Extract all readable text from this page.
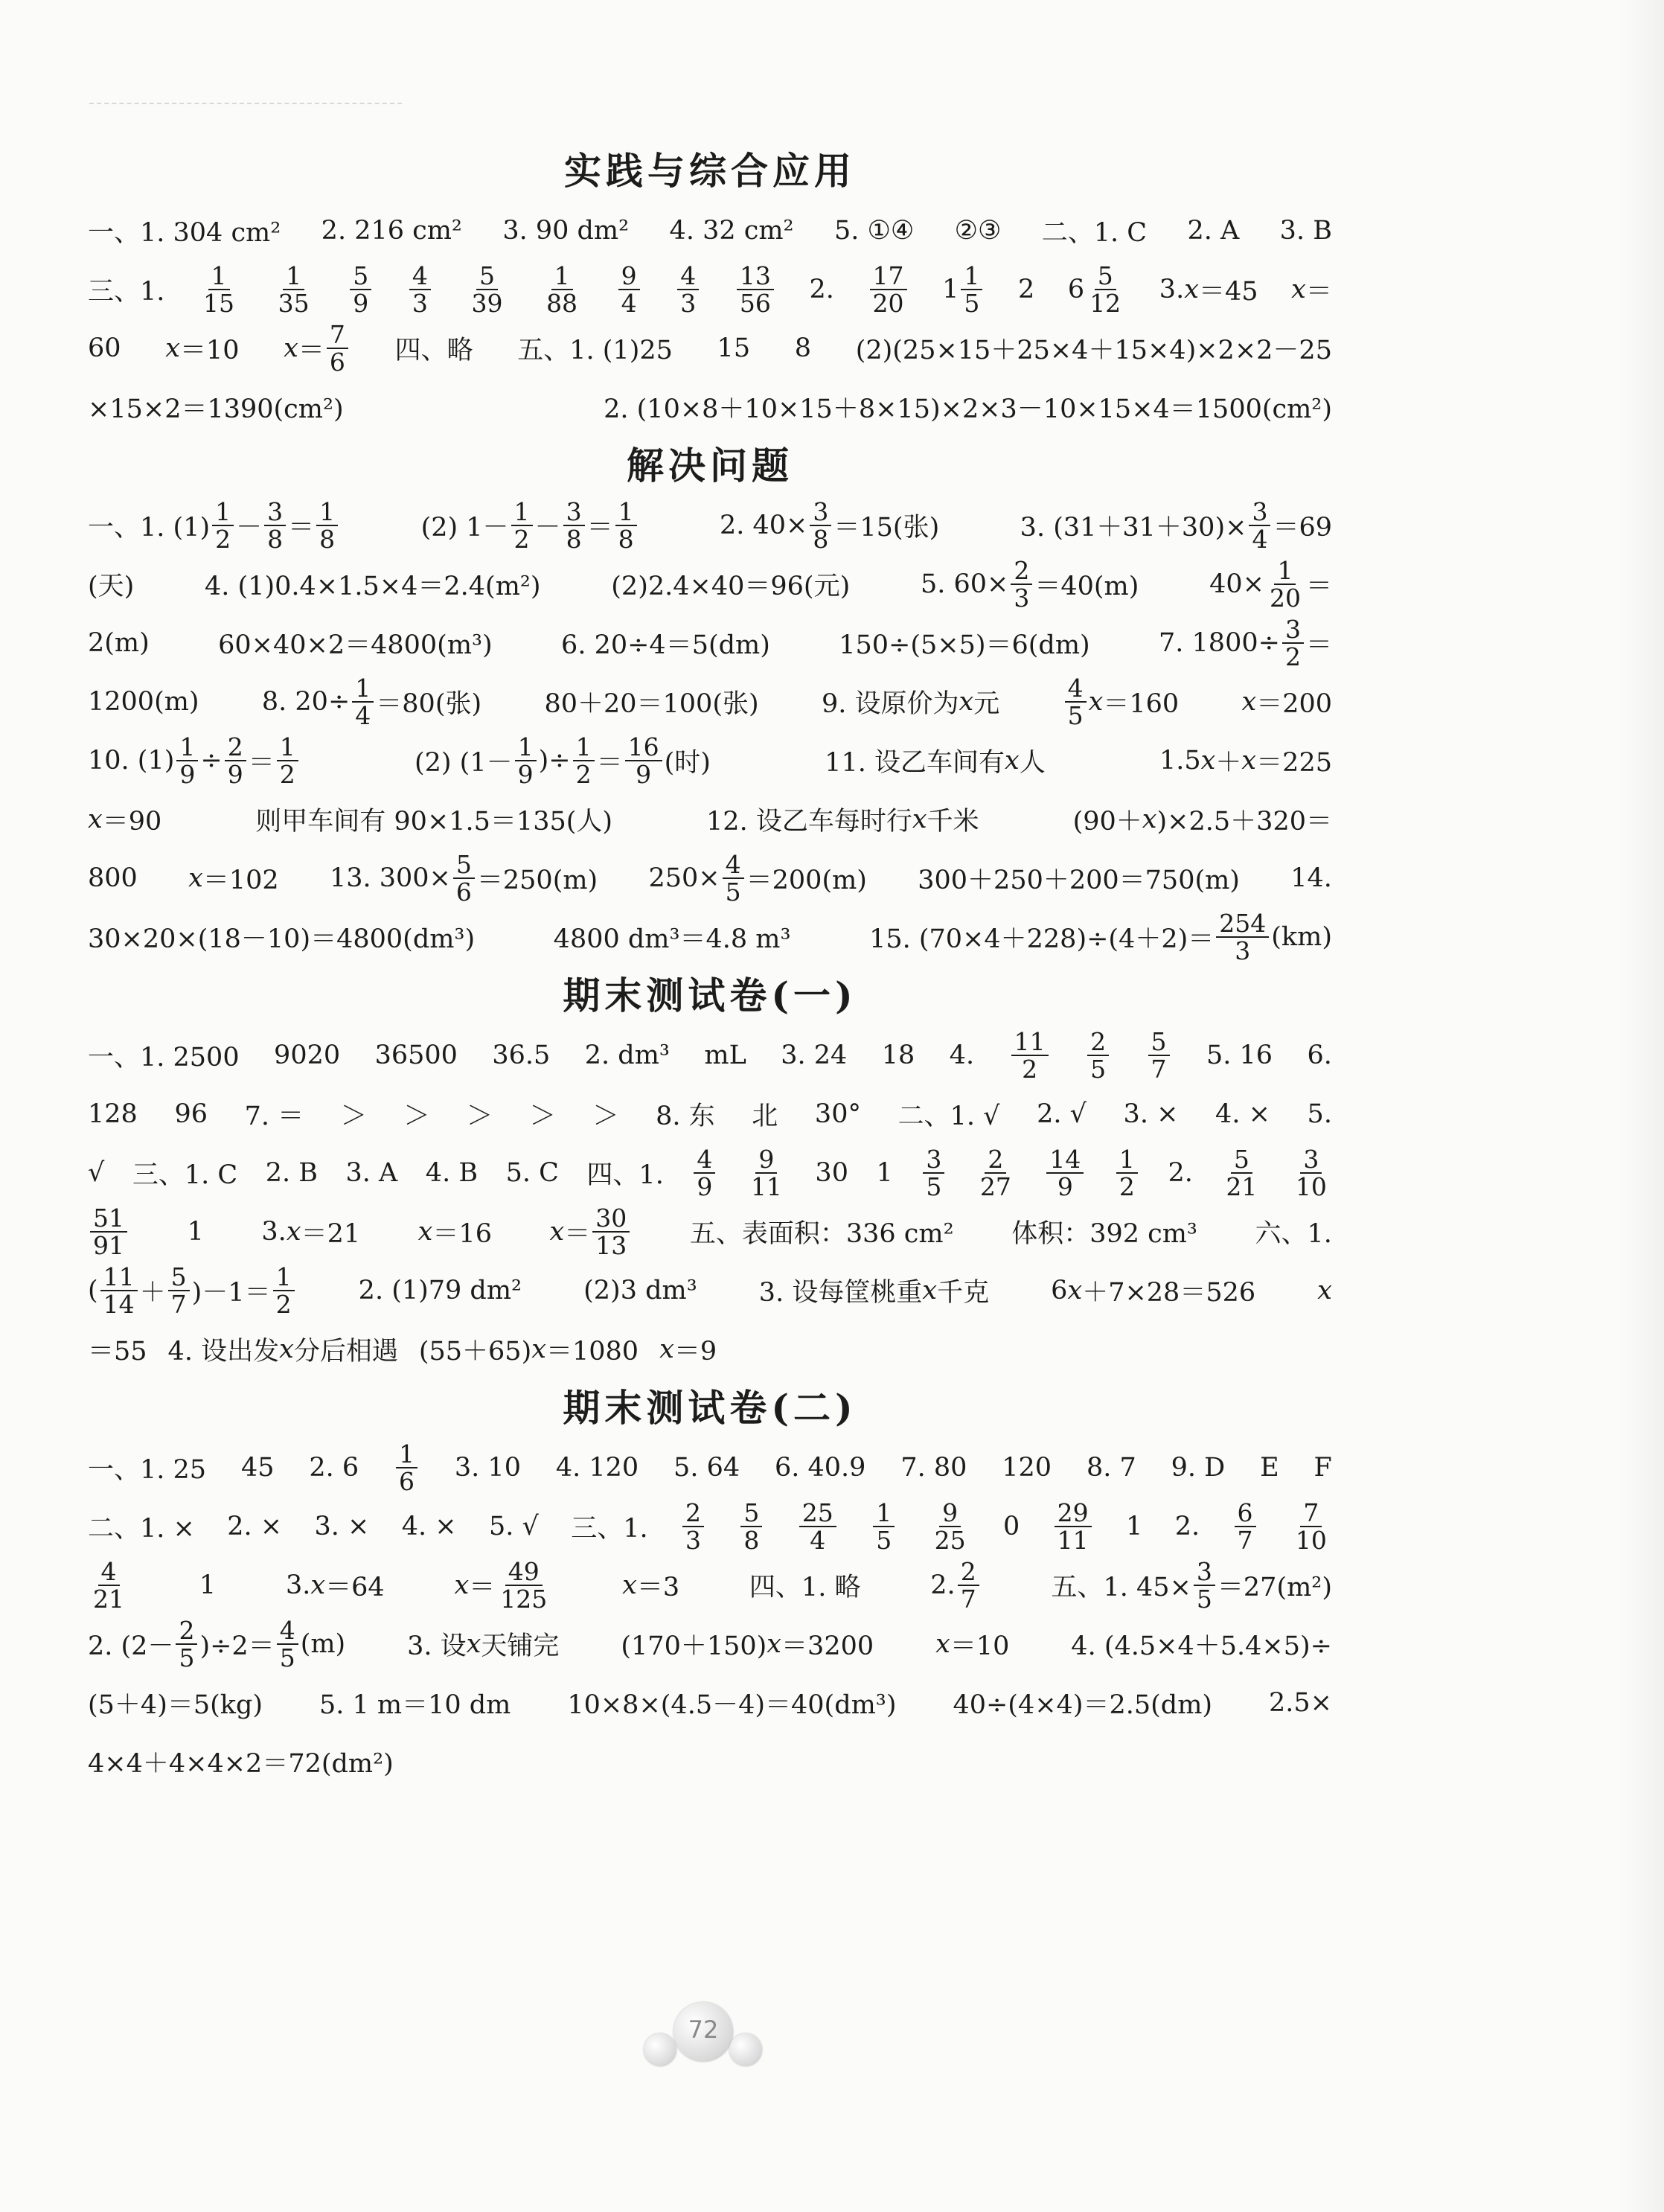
实践与综合应用
一、1. 304 cm² 2. 216 cm² 3. 90 dm² 4. 32 cm² 5. ①④ ②③ 二、1. C 2. A 3. B
三、1. $\frac{1}{15} \frac{1}{35} \frac{5}{9} \frac{4}{3} \frac{5}{39} \frac{1}{88} \frac{9}{4} \frac{4}{3} \frac{13}{56} 2$. $\frac{17}{20} 1 \frac{1}{5} 2$ $6 \frac{5}{12} 3$. x ＝45 x ＝
60 x ＝10 $x = \frac{7}{6}$ 四、略 五、1. (1)25 15 8 (2)(25×15＋25×4＋15×4)×2×2－25
×15×2＝1390(cm²)	2. (10×8＋10×15＋8×15)×2×3－10×15×4＝1500(cm²)
解决问题
一、1. $(1) \frac{1}{2} - \frac{3}{8} = \frac{1}{8}$	(2) $1- \frac{1}{2} - \frac{3}{8} = \frac{1}{8}$	2. $40\times \frac{3}{8} =15$(张)	3. $(31+31+30)\times \frac{3}{4} =69$
(天)	4. (1)0.4×1.5×4＝2.4(m²)	(2)2.4×40＝96(元)	5. $60\times \frac{2}{3} =40(m)$	$40\times \frac{1}{20}$ ＝
2(m)	60×40×2＝4800(m³)	6. 20÷4＝5(dm)	150÷(5×5)＝6(dm)	7. $1800\div \frac{3}{2}$ ＝
1200(m) 8. $20\div \frac{1}{4} =80$(张) 80＋20＝100(张) 9. 设原价为 x 元	$\frac{4}{5}$ x ＝160 x ＝200
10. $(1) \frac{1}{9} \div \frac{2}{9} = \frac{1}{2}$	(2) ($1- \frac{1}{9}$ )÷ $\frac{1}{2} = \frac{16}{9}$ (时)	11. 设乙车间有 x 人	1.5 x ＋ x ＝225
x ＝90	则甲车间有 90×1.5＝135(人)	12. 设乙车每时行 x 千米	(90＋ x )×2.5＋320＝
800 x ＝102 13. $300\times \frac{5}{6} =250(m)$ $250\times \frac{4}{5} =200(m)$ 300＋250＋200＝750(m) 14.
30×20×(18－10)＝4800(dm³)	4800 dm³＝4.8 m³	15. $(70\times 4+228)\div(4+2)= \frac{254}{3} (km)$
期末测试卷(一)
一、1. 2500 9020 36500 36.5 2. dm³ mL 3. 24 18 4. $\frac{11}{2} \frac{2}{5} \frac{5}{7} 5$. 16 6.
128 96 7. ＝ ＞ ＞ ＞ ＞ ＞ 8. 东 北 30° 二、1. √ 2. √ 3. × 4. × 5.
√ 三、1. C 2. B 3. A 4. B 5. C 四、1. $\frac{4}{9} \frac{9}{11} 30$ $1 \frac{3}{5} \frac{2}{27} \frac{14}{9} \frac{1}{2} 2$. $\frac{5}{21} \frac{3}{10}$
$\frac{51}{91} 1$ 3. x ＝21 x ＝16 $x = \frac{30}{13}$ 五、表面积：336 cm² 体积：392 cm³ 六、1.
( $\frac{11}{14} + \frac{5}{7} )-1= \frac{1}{2} 2$. (1)79 dm² (2)3 dm³ 3. 设每筐桃重 x 千克 6 x ＋7×28＝526 x
＝55 4. 设出发 x 分后相遇 (55＋65) x ＝1080 x ＝9
期末测试卷(二)
一、1. 25 45 2. $6 \frac{1}{6} 3$. 10 4. 120 5. 64 6. 40.9 7. 80 120 8. 7 9. D E F
二、1. × 2. × 3. × 4. × 5. √ 三、1. $\frac{2}{3} \frac{5}{8} \frac{25}{4} \frac{1}{5} \frac{9}{25} 0 \frac{29}{11} 1$ 2. $\frac{6}{7} \frac{7}{10}$
$\frac{4}{21}$	1	3. x ＝64	$x = \frac{49}{125}$	x ＝3	四、1. 略	2. $\frac{2}{7}$	五、1. $45\times \frac{3}{5} =27(m^2)$
2. $(2- \frac{2}{5} )\div 2= \frac{4}{5} (m)$ 3. 设 x 天铺完 (170＋150) x ＝3200 x ＝10 4. (4.5×4＋5.4×5)÷
(5＋4)＝5(kg) 5. 1 m＝10 dm 10×8×(4.5－4)＝40(dm³) 40÷(4×4)＝2.5(dm) 2.5×
4×4＋4×4×2＝72(dm²)
72
